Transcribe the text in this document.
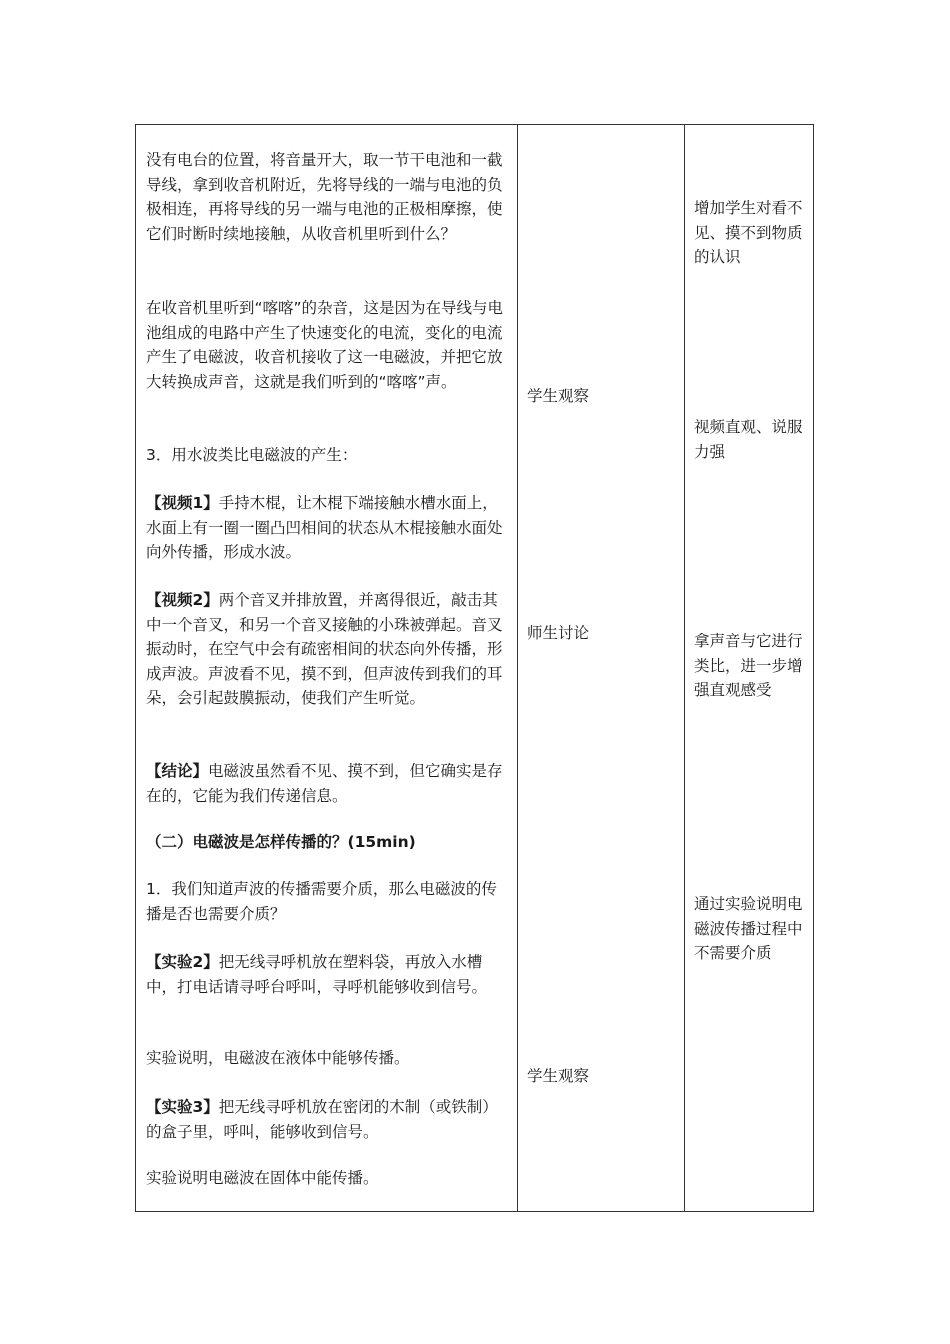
没有电台的位置，将音量开大，取一节干电池和一截导线，拿到收音机附近，先将导线的一端与电池的负极相连，再将导线的另一端与电池的正极相摩擦，使它们时断时续地接触，从收音机里听到什么？

在收音机里听到“喀喀”的杂音，这是因为在导线与电池组成的电路中产生了快速变化的电流，变化的电流产生了电磁波，收音机接收了这一电磁波，并把它放大转换成声音，这就是我们听到的“喀喀”声。

3．用水波类比电磁波的产生：

【视频1】手持木棍，让木棍下端接触水槽水面上，水面上有一圈一圈凸凹相间的状态从木棍接触水面处向外传播，形成水波。

【视频2】两个音叉并排放置，并离得很近，敲击其中一个音叉，和另一个音叉接触的小珠被弹起。音叉振动时，在空气中会有疏密相间的状态向外传播，形成声波。声波看不见，摸不到，但声波传到我们的耳朵，会引起鼓膜振动，使我们产生听觉。

【结论】电磁波虽然看不见、摸不到，但它确实是存在的，它能为我们传递信息。

（二）电磁波是怎样传播的？(15min)

1．我们知道声波的传播需要介质，那么电磁波的传播是否也需要介质？

【实验2】把无线寻呼机放在塑料袋，再放入水槽中，打电话请寻呼台呼叫，寻呼机能够收到信号。

实验说明，电磁波在液体中能够传播。

【实验3】把无线寻呼机放在密闭的木制（或铁制）的盒子里，呼叫，能够收到信号。

实验说明电磁波在固体中能传播。

学生观察

师生讨论

学生观察

增加学生对看不见、摸不到物质的认识

视频直观、说服力强

拿声音与它进行类比，进一步增强直观感受

通过实验说明电磁波传播过程中不需要介质
